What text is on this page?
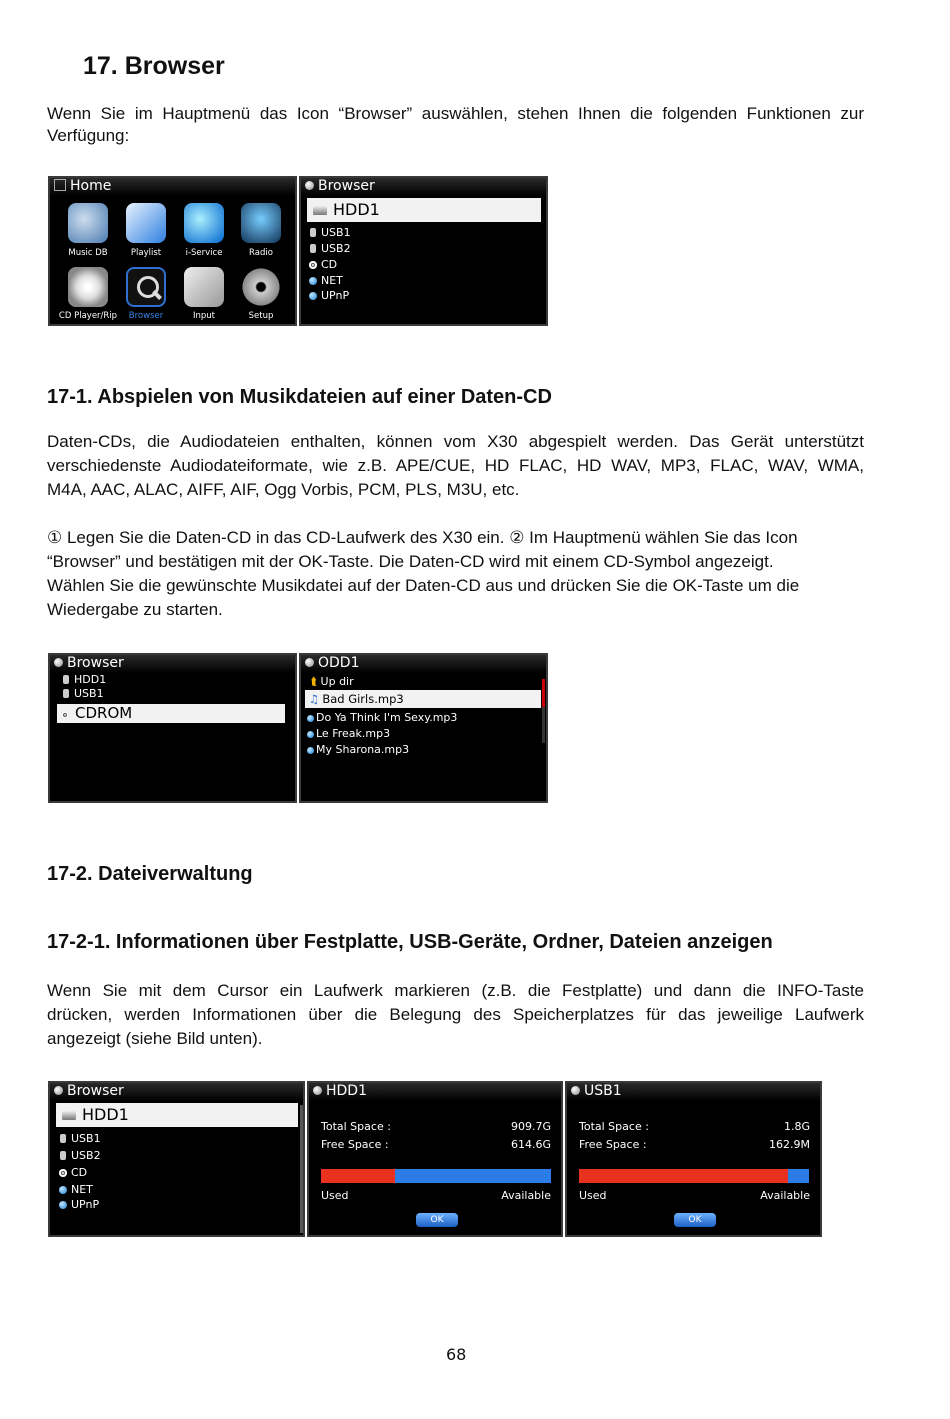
17. Browser
Wenn Sie im Hauptmenü das Icon “Browser” auswählen, stehen Ihnen die folgenden Funktionen zur
Verfügung:
Home
Music DB	Playlist	i-Service	Radio
CD Player/Rip	Browser	Input	Setup
Browser
HDD1
USB1
USB2
CD
NET
UPnP
17-1. Abspielen von Musikdateien auf einer Daten-CD
Daten-CDs, die Audiodateien enthalten, können vom X30 abgespielt werden. Das Gerät unterstützt
verschiedenste Audiodateiformate, wie z.B. APE/CUE, HD FLAC, HD WAV, MP3, FLAC, WAV, WMA,
M4A, AAC, ALAC, AIFF, AIF, Ogg Vorbis, PCM, PLS, M3U, etc.
① Legen Sie die Daten-CD in das CD-Laufwerk des X30 ein. ② Im Hauptmenü wählen Sie das Icon
“Browser” und bestätigen mit der OK-Taste. Die Daten-CD wird mit einem CD-Symbol angezeigt.
Wählen Sie die gewünschte Musikdatei auf der Daten-CD aus und drücken Sie die OK-Taste um die
Wiedergabe zu starten.
Browser
HDD1
USB1
CDROM
ODD1
⮬ Up dir
♫ Bad Girls.mp3
Do Ya Think I'm Sexy.mp3
Le Freak.mp3
My Sharona.mp3
17-2. Dateiverwaltung
17-2-1. Informationen über Festplatte, USB-Geräte, Ordner, Dateien anzeigen
Wenn Sie mit dem Cursor ein Laufwerk markieren (z.B. die Festplatte) und dann die INFO-Taste
drücken, werden Informationen über die Belegung des Speicherplatzes für das jeweilige Laufwerk
angezeigt (siehe Bild unten).
Browser
HDD1
USB1
USB2
CD
NET
UPnP
HDD1
Total Space :	909.7G
Free Space :	614.6G
Used	Available
OK
USB1
Total Space :	1.8G
Free Space :	162.9M
Used	Available
OK
68
